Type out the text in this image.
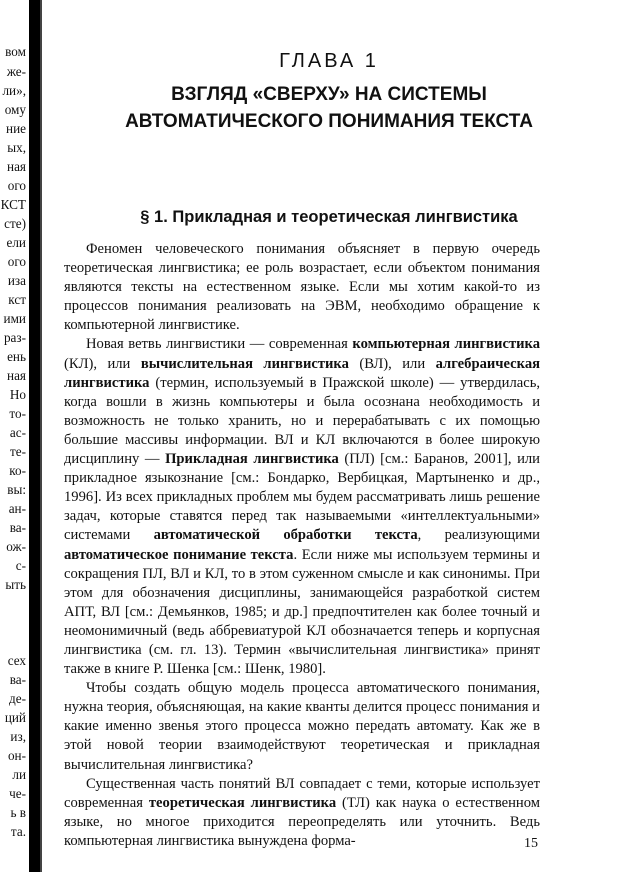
вом
же-
ли»,
ому
ние
ых,
ная
ого
КСТ
сте)
ели
ого
иза
кст
ими
раз-
ень
ная
Но
то-
ас-
те-
ко-
вы:
ан-
ва-
ож-
с-
ыть
сех
ва-
де-
ций
из,
он-
ли
че-
ь в
та.
ГЛАВА 1
ВЗГЛЯД «СВЕРХУ» НА СИСТЕМЫ
АВТОМАТИЧЕСКОГО ПОНИМАНИЯ ТЕКСТА
§ 1. Прикладная и теоретическая лингвистика

Феномен человеческого понимания объясняет в первую очередь теоретическая лингвистика; ее роль возрастает, если объектом понимания являются тексты на естественном языке. Если мы хотим какой-то из процессов понимания реализовать на ЭВМ, необходимо обращение к компьютерной лингвистике.

Новая ветвь лингвистики — современная компьютерная лингвистика (КЛ), или вычислительная лингвистика (ВЛ), или алгебраическая лингвистика (термин, используемый в Пражской школе) — утвердилась, когда вошли в жизнь компьютеры и была осознана необходимость и возможность не только хранить, но и перерабатывать с их помощью большие массивы информации. ВЛ и КЛ включаются в более широкую дисциплину — Прикладная лингвистика (ПЛ) [см.: Баранов, 2001], или прикладное языкознание [см.: Бондарко, Вербицкая, Мартыненко и др., 1996]. Из всех прикладных проблем мы будем рассматривать лишь решение задач, которые ставятся перед так называемыми «интеллектуальными» системами автоматической обработки текста, реализующими автоматическое понимание текста. Если ниже мы используем термины и сокращения ПЛ, ВЛ и КЛ, то в этом суженном смысле и как синонимы. При этом для обозначения дисциплины, занимающейся разработкой систем АПТ, ВЛ [см.: Демьянков, 1985; и др.] предпочтителен как более точный и неомонимичный (ведь аббревиатурой КЛ обозначается теперь и корпусная лингвистика (см. гл. 13). Термин «вычислительная лингвистика» принят также в книге Р. Шенка [см.: Шенк, 1980].

Чтобы создать общую модель процесса автоматического понимания, нужна теория, объясняющая, на какие кванты делится процесс понимания и какие именно звенья этого процесса можно передать автомату. Как же в этой новой теории взаимодействуют теоретическая и прикладная вычислительная лингвистика?

Существенная часть понятий ВЛ совпадает с теми, которые использует современная теоретическая лингвистика (ТЛ) как наука о естественном языке, но многое приходится переопределять или уточнить. Ведь компьютерная лингвистика вынуждена форма-	15
